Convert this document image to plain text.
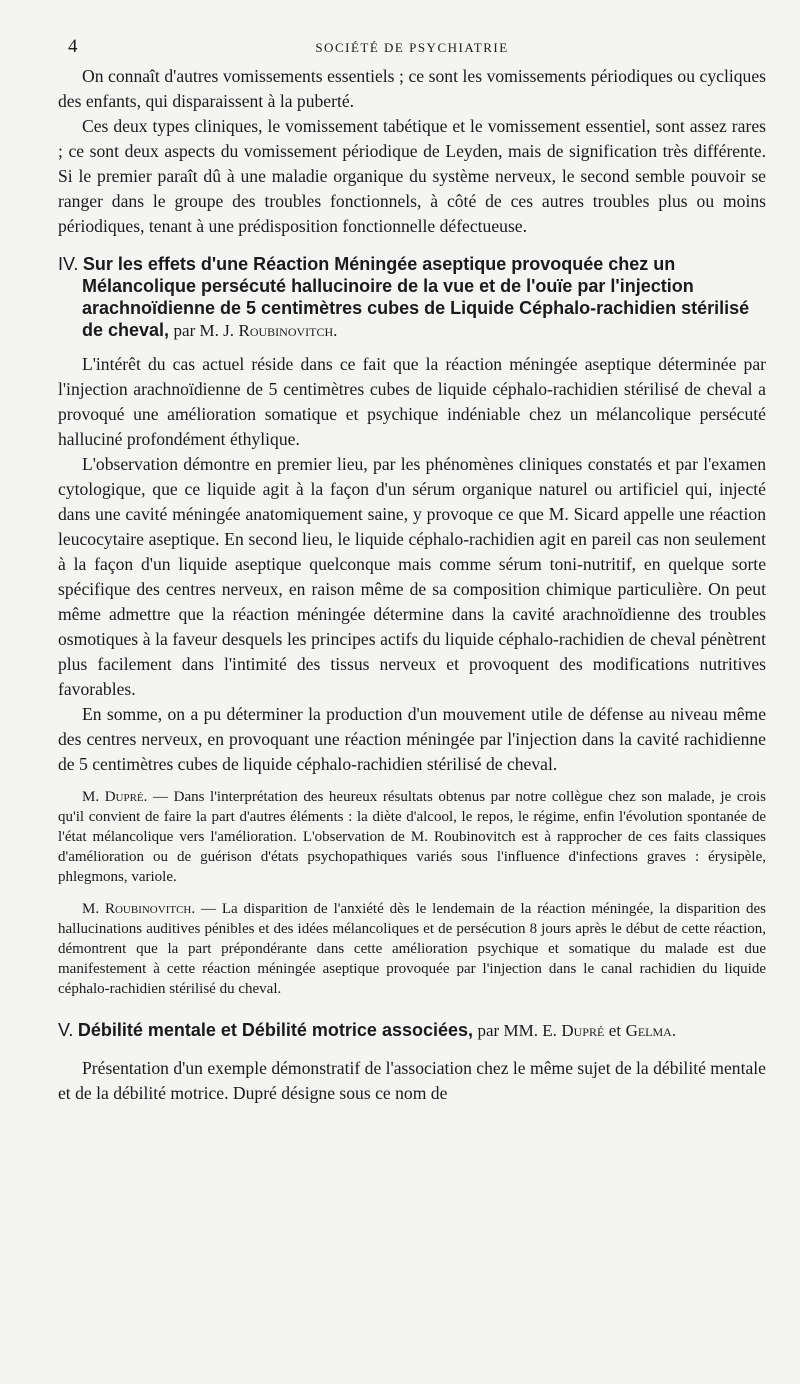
4	SOCIÉTÉ DE PSYCHIATRIE

On connaît d'autres vomissements essentiels ; ce sont les vomissements périodiques ou cycliques des enfants, qui disparaissent à la puberté.

Ces deux types cliniques, le vomissement tabétique et le vomissement essentiel, sont assez rares ; ce sont deux aspects du vomissement périodique de Leyden, mais de signification très différente. Si le premier paraît dû à une maladie organique du système nerveux, le second semble pouvoir se ranger dans le groupe des troubles fonctionnels, à côté de ces autres troubles plus ou moins périodiques, tenant à une prédisposition fonctionnelle défectueuse.

IV. Sur les effets d'une Réaction Méningée aseptique provoquée chez un Mélancolique persécuté hallucinoire de la vue et de l'ouïe par l'injection arachnoïdienne de 5 centimètres cubes de Liquide Céphalo-rachidien stérilisé de cheval, par M. J. Roubinovitch.

L'intérêt du cas actuel réside dans ce fait que la réaction méningée aseptique déterminée par l'injection arachnoïdienne de 5 centimètres cubes de liquide céphalo-rachidien stérilisé de cheval a provoqué une amélioration somatique et psychique indéniable chez un mélancolique persécuté halluciné profondément éthylique.

L'observation démontre en premier lieu, par les phénomènes cliniques constatés et par l'examen cytologique, que ce liquide agit à la façon d'un sérum organique naturel ou artificiel qui, injecté dans une cavité méningée anatomiquement saine, y provoque ce que M. Sicard appelle une réaction leucocytaire aseptique. En second lieu, le liquide céphalo-rachidien agit en pareil cas non seulement à la façon d'un liquide aseptique quelconque mais comme sérum toni-nutritif, en quelque sorte spécifique des centres nerveux, en raison même de sa composition chimique particulière. On peut même admettre que la réaction méningée détermine dans la cavité arachnoïdienne des troubles osmotiques à la faveur desquels les principes actifs du liquide céphalo-rachidien de cheval pénètrent plus facilement dans l'intimité des tissus nerveux et provoquent des modifications nutritives favorables.

En somme, on a pu déterminer la production d'un mouvement utile de défense au niveau même des centres nerveux, en provoquant une réaction méningée par l'injection dans la cavité rachidienne de 5 centimètres cubes de liquide céphalo-rachidien stérilisé de cheval.

M. Dupré. — Dans l'interprétation des heureux résultats obtenus par notre collègue chez son malade, je crois qu'il convient de faire la part d'autres éléments : la diète d'alcool, le repos, le régime, enfin l'évolution spontanée de l'état mélancolique vers l'amélioration. L'observation de M. Roubinovitch est à rapprocher de ces faits classiques d'amélioration ou de guérison d'états psychopathiques variés sous l'influence d'infections graves : érysipèle, phlegmons, variole.

M. Roubinovitch. — La disparition de l'anxiété dès le lendemain de la réaction méningée, la disparition des hallucinations auditives pénibles et des idées mélancoliques et de persécution 8 jours après le début de cette réaction, démontrent que la part prépondérante dans cette amélioration psychique et somatique du malade est due manifestement à cette réaction méningée aseptique provoquée par l'injection dans le canal rachidien du liquide céphalo-rachidien stérilisé du cheval.

V. Débilité mentale et Débilité motrice associées, par MM. E. Dupré et Gelma.

Présentation d'un exemple démonstratif de l'association chez le même sujet de la débilité mentale et de la débilité motrice. Dupré désigne sous ce nom de
